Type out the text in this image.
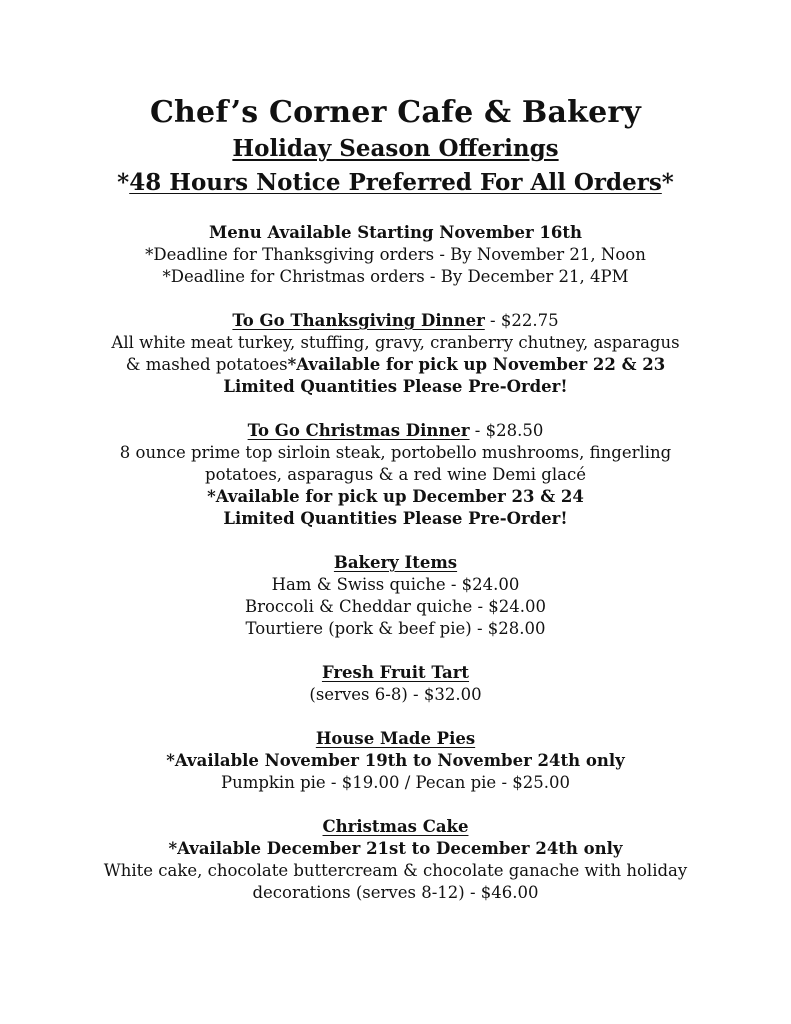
Chef’s Corner Cafe & Bakery

Holiday Season Offerings

*48 Hours Notice Preferred For All Orders*

Menu Available Starting November 16th

*Deadline for Thanksgiving orders - By November 21, Noon

*Deadline for Christmas orders - By December 21, 4PM

To Go Thanksgiving Dinner - $22.75

All white meat turkey, stuffing, gravy, cranberry chutney, asparagus

& mashed potatoes*Available for pick up November 22 & 23

Limited Quantities Please Pre-Order!

To Go Christmas Dinner - $28.50

8 ounce prime top sirloin steak, portobello mushrooms, fingerling

potatoes, asparagus & a red wine Demi glacé

*Available for pick up December 23 & 24

Limited Quantities Please Pre-Order!

Bakery Items

Ham & Swiss quiche - $24.00

Broccoli & Cheddar quiche - $24.00

Tourtiere (pork & beef pie) - $28.00

Fresh Fruit Tart

(serves 6-8) - $32.00

House Made Pies

*Available November 19th to November 24th only

Pumpkin pie - $19.00 / Pecan pie - $25.00

Christmas Cake

*Available December 21st to December 24th only

White cake, chocolate buttercream & chocolate ganache with holiday

decorations (serves 8-12) - $46.00
